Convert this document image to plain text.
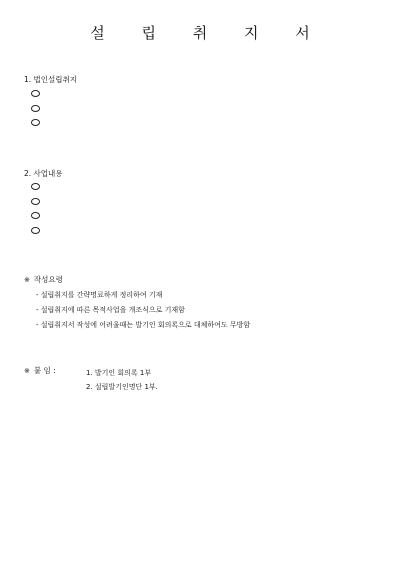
설 립 취 지 서
1. 법인설립취지
2. 사업내용
※ 작성요령
- 설립취지를 간략명료하게 정리하여 기재
- 설립취지에 따른 목적사업을 개조식으로 기재함
- 설립취지서 작성에 어려울때는 발기인 회의록으로 대체하여도 무방함
※ 붙 임 :	1. 발기인 회의록 1부
2. 설립발기인명단 1부.
